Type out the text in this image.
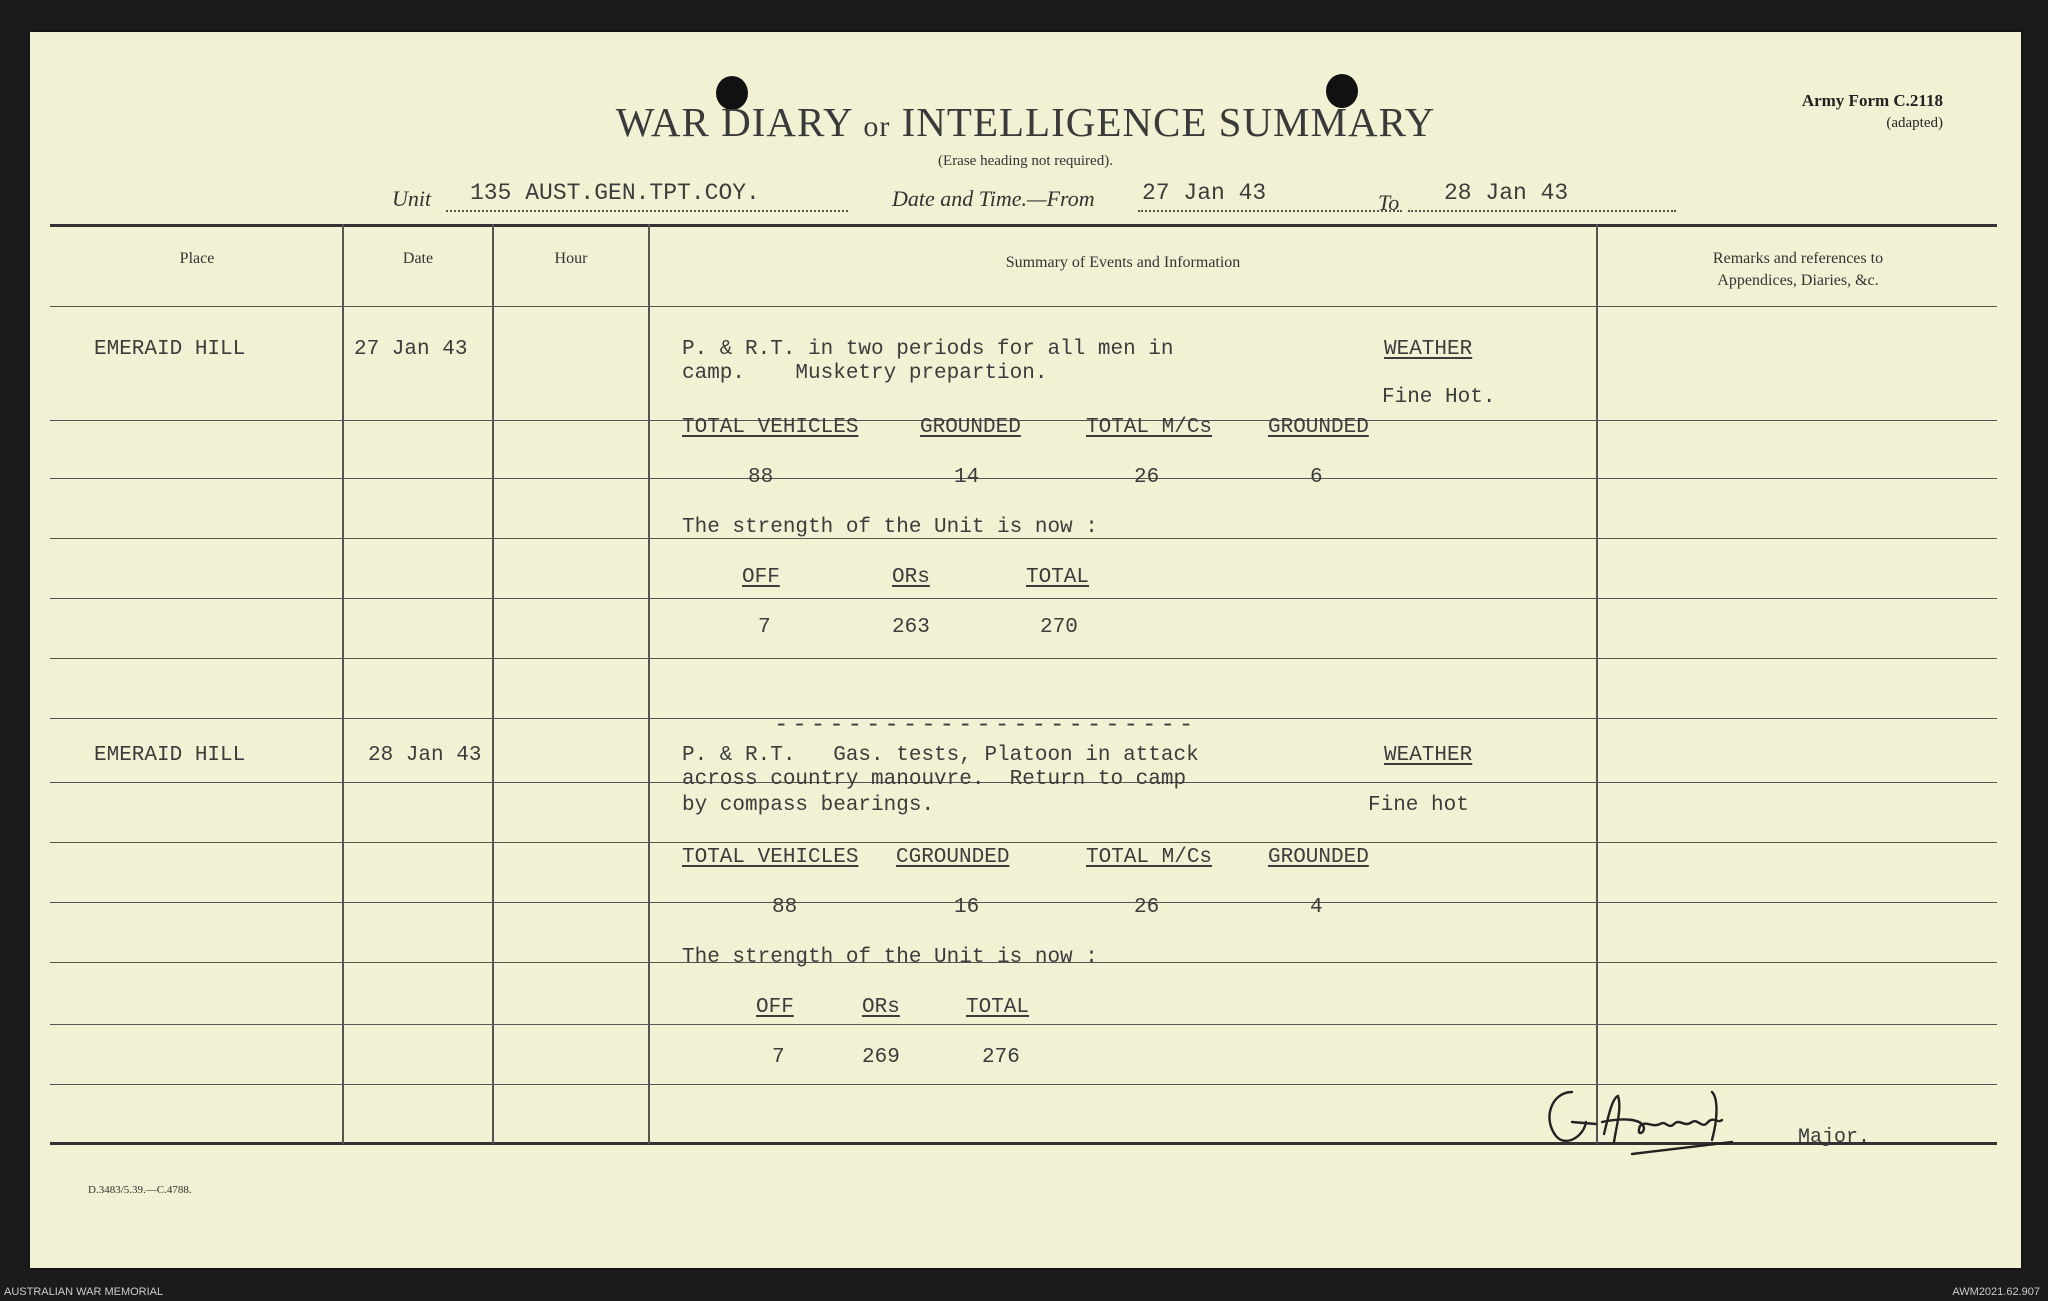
WAR DIARY or INTELLIGENCE SUMMARY
(Erase heading not required).
Army Form C.2118
(adapted)
Unit 135 AUST.GEN.TPT.COY.	Date and Time.—From 27 Jan 43	To 28 Jan 43
Place	Date	Hour	Summary of Events and Information	Remarks and references to
Appendices, Diaries, &c.
EMERAID HILL	27 Jan 43	P. & R.T. in two periods for all men in
camp.    Musketry prepartion.
WEATHER
Fine Hot.
TOTAL VEHICLES	GROUNDED	TOTAL M/Cs	GROUNDED
88	14	26	6
The strength of the Unit is now :
OFF	ORs	TOTAL
7	263	270
-----------------------
EMERAID HILL	28 Jan 43	P. & R.T.   Gas. tests, Platoon in attack
across country manouvre.  Return to camp
by compass bearings.
WEATHER
Fine hot
TOTAL VEHICLES CGROUNDED	TOTAL M/Cs	GROUNDED
88	16	26	4
The strength of the Unit is now :
OFF	ORs	TOTAL
7	269	276
Major.
D.3483/5.39.—C.4788.
AUSTRALIAN WAR MEMORIAL	AWM2021.62.907
